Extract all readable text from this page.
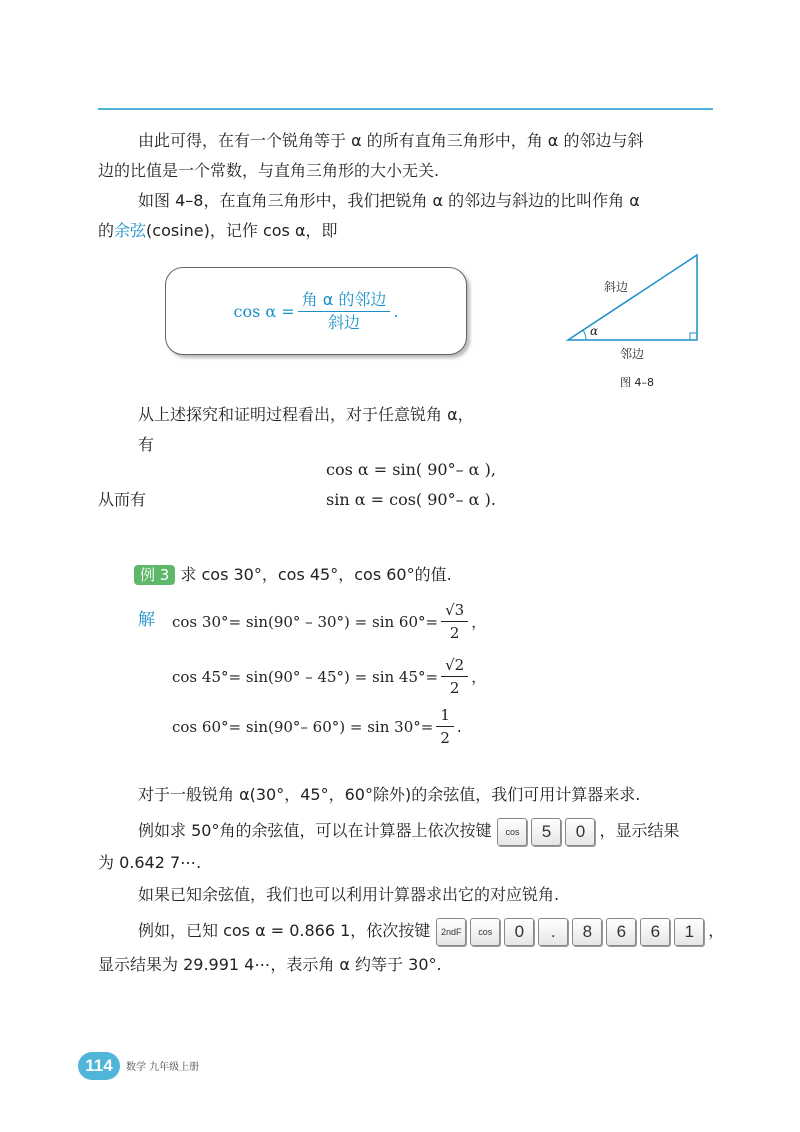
由此可得，在有一个锐角等于 α 的所有直角三角形中，角 α 的邻边与斜

边的比值是一个常数，与直角三角形的大小无关.

如图 4–8，在直角三角形中，我们把锐角 α 的邻边与斜边的比叫作角 α

的余弦(cosine)，记作 cos α，即

$\cos \alpha = \frac{\text{角 α 的邻边}}{\text{斜边}}$ .
斜边
α
邻边
图 4–8
从上述探究和证明过程看出，对于任意锐角 α，
有
cos α = sin( 90°– α ),
从而有	sin α = cos( 90°– α ).
例 3 求 cos 30°，cos 45°，cos 60°的值.
解 $\cos 30^\circ= \sin(90^\circ - 30^\circ) = \sin 60^\circ= \frac{√3}{2}$ ，
$\cos 45^\circ= \sin(90^\circ - 45^\circ) = \sin 45^\circ= \frac{√2}{2}$ ，
cos 60°= sin(90°– $60^\circ) = \sin 30^\circ= \frac{1}{2}$ .
对于一般锐角 α(30°，45°，60°除外)的余弦值，我们可用计算器来求.
例如求 50°角的余弦值，可以在计算器上依次按键	cos	5	0 ，显示结果
为 0.642 7⋯.
如果已知余弦值，我们也可以利用计算器求出它的对应锐角.
例如，已知 cos α = 0.866 1，依次按键	2ndF	cos	0	.	8	6	6	1 ，
显示结果为 29.991 4⋯，表示角 α 约等于 30°.
114	数学 九年级上册
